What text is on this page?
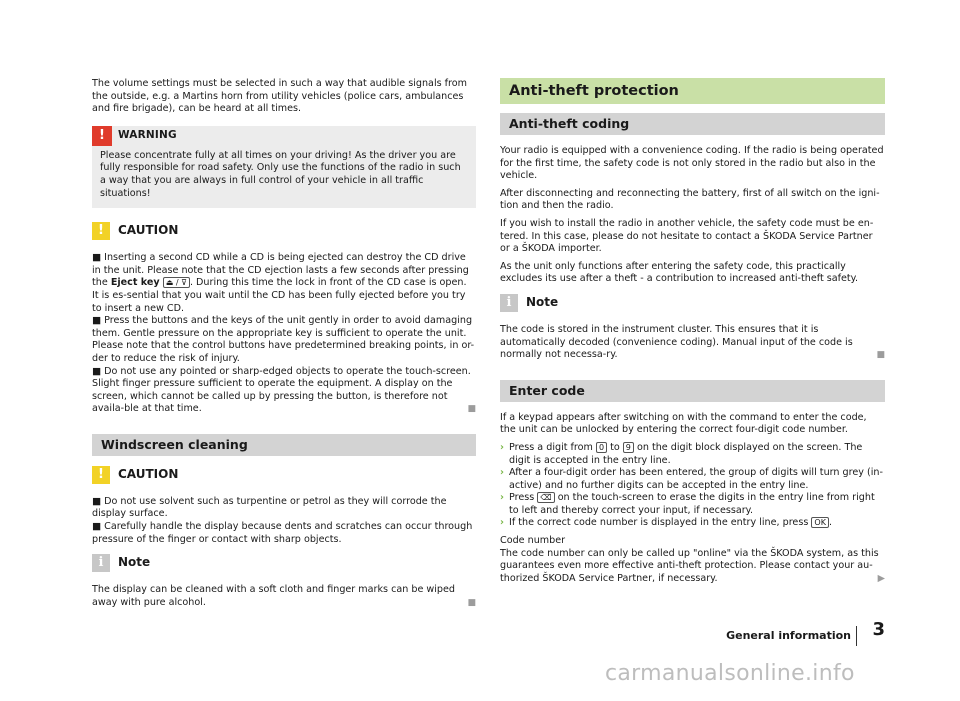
The volume settings must be selected in such a way that audible signals from the outside, e.g. a Martins horn from utility vehicles (police cars, ambulances and fire brigade), can be heard at all times.

!	WARNING
Please concentrate fully at all times on your driving! As the driver you are fully responsible for road safety. Only use the functions of the radio in such a way that you are always in full control of your vehicle in all traffic situations!
!	CAUTION

■ Inserting a second CD while a CD is being ejected can destroy the CD drive in the unit. Please note that the CD ejection lasts a few seconds after pressing the Eject key ⏏ / ⊽ . During this time the lock in front of the CD case is open. It is es-sential that you wait until the CD has been fully ejected before you try to insert a new CD.

■ Press the buttons and the keys of the unit gently in order to avoid damaging them. Gentle pressure on the appropriate key is sufficient to operate the unit. Please note that the control buttons have predetermined breaking points, in or-der to reduce the risk of injury.

■ Do not use any pointed or sharp-edged objects to operate the touch-screen. Slight finger pressure sufficient to operate the equipment. A display on the screen, which cannot be called up by pressing the button, is therefore not availa-ble at that time.	■

Windscreen cleaning
!	CAUTION

■ Do not use solvent such as turpentine or petrol as they will corrode the display surface.

■ Carefully handle the display because dents and scratches can occur through pressure of the finger or contact with sharp objects.

i	Note

The display can be cleaned with a soft cloth and finger marks can be wiped away with pure alcohol.	■

Anti-theft protection
Anti-theft coding

Your radio is equipped with a convenience coding. If the radio is being operated for the first time, the safety code is not only stored in the radio but also in the vehicle.

After disconnecting and reconnecting the battery, first of all switch on the igni-tion and then the radio.

If you wish to install the radio in another vehicle, the safety code must be en-tered. In this case, please do not hesitate to contact a ŠKODA Service Partner or a ŠKODA importer.

As the unit only functions after entering the safety code, this practically excludes its use after a theft - a contribution to increased anti-theft safety.

i	Note

The code is stored in the instrument cluster. This ensures that it is automatically decoded (convenience coding). Manual input of the code is normally not necessa-ry.	■

Enter code

If a keypad appears after switching on with the command to enter the code, the unit can be unlocked by entering the correct four-digit code number.

› Press a digit from 0 to 9 on the digit block displayed on the screen. The digit is accepted in the entry line.
› After a four-digit order has been entered, the group of digits will turn grey (in-active) and no further digits can be accepted in the entry line.
› Press ⌫ on the touch-screen to erase the digits in the entry line from right to left and thereby correct your input, if necessary.
› If the correct code number is displayed in the entry line, press OK .
Code number

The code number can only be called up "online" via the ŠKODA system, as this guarantees even more effective anti-theft protection. Please contact your au-thorized ŠKODA Service Partner, if necessary.	▶

General information 3
carmanualsonline.info
